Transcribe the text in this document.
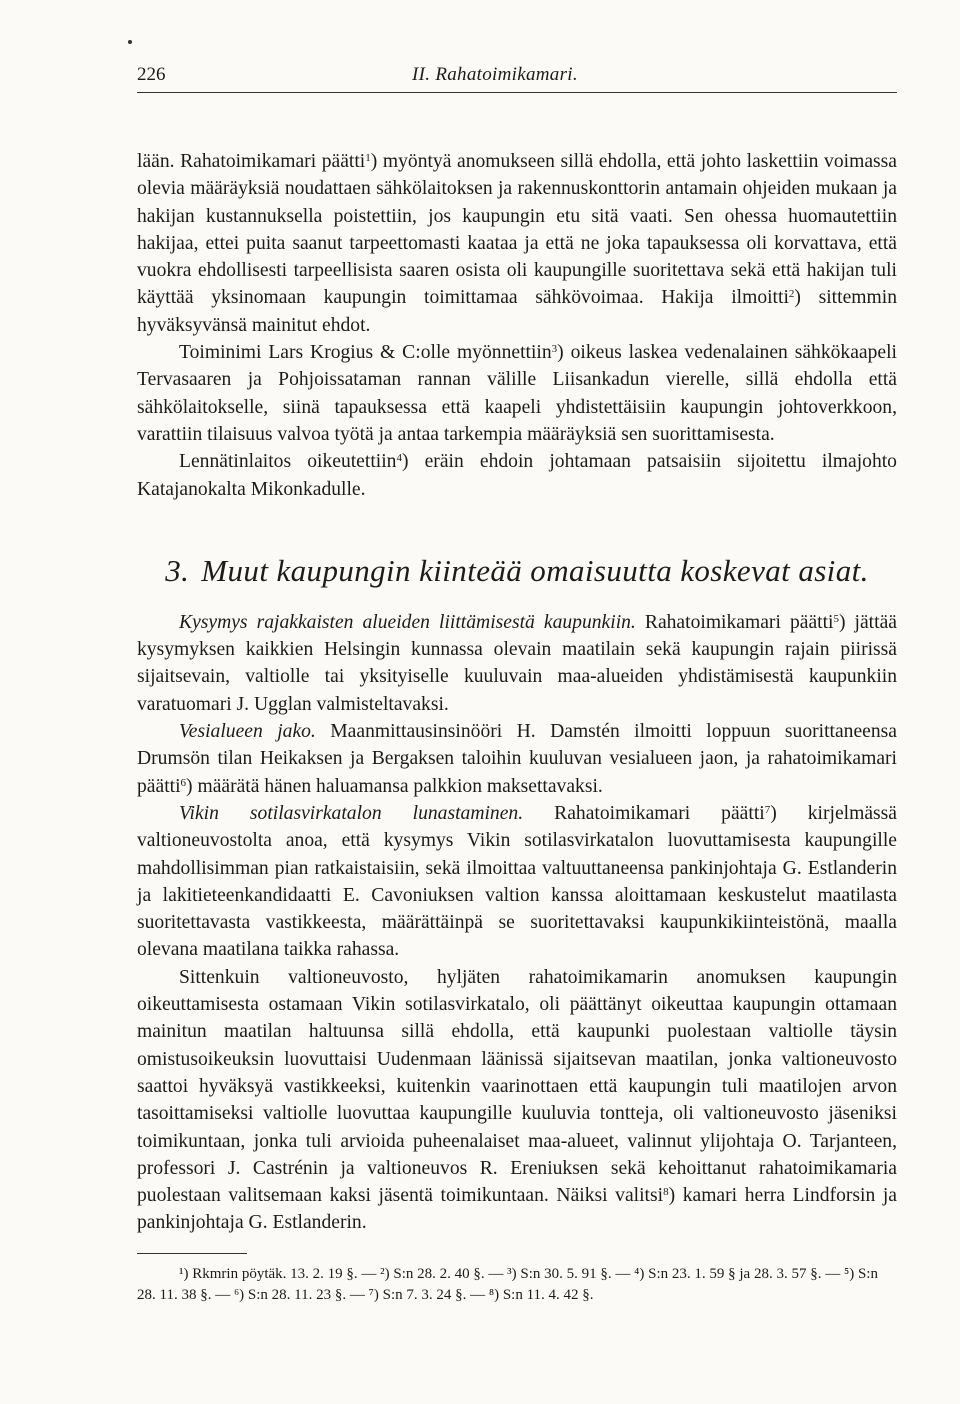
226	II. Rahatoimikamari.

lään. Rahatoimikamari päätti$^1$) myöntyä anomukseen sillä ehdolla, että johto laskettiin voimassa olevia määräyksiä noudattaen sähkölaitoksen ja rakennuskonttorin antamain ohjeiden mukaan ja hakijan kustannuksella poistettiin, jos kaupungin etu sitä vaati. Sen ohessa huomautettiin hakijaa, ettei puita saanut tarpeettomasti kaataa ja että ne joka tapauksessa oli korvattava, että vuokra ehdollisesti tarpeellisista saaren osista oli kaupungille suoritettava sekä että hakijan tuli käyttää yksinomaan kaupungin toimittamaa sähkövoimaa. Hakija ilmoitti$^2$) sittemmin hyväksyvänsä mainitut ehdot.

Toiminimi Lars Krogius & C:olle myönnettiin$^3$) oikeus laskea vedenalainen sähkökaapeli Tervasaaren ja Pohjoissataman rannan välille Liisankadun vierelle, sillä ehdolla että sähkölaitokselle, siinä tapauksessa että kaapeli yhdistettäisiin kaupungin johtoverkkoon, varattiin tilaisuus valvoa työtä ja antaa tarkempia määräyksiä sen suorittamisesta.

Lennätinlaitos oikeutettiin$^4$) eräin ehdoin johtamaan patsaisiin sijoitettu ilmajohto Katajanokalta Mikonkadulle.

3. Muut kaupungin kiinteää omaisuutta koskevat asiat.

Kysymys rajakkaisten alueiden liittämisestä kaupunkiin. Rahatoimikamari päätti$^5$) jättää kysymyksen kaikkien Helsingin kunnassa olevain maatilain sekä kaupungin rajain piirissä sijaitsevain, valtiolle tai yksityiselle kuuluvain maa-alueiden yhdistämisestä kaupunkiin varatuomari J. Ugglan valmisteltavaksi.

Vesialueen jako. Maanmittausinsinööri H. Damstén ilmoitti loppuun suorittaneensa Drumsön tilan Heikaksen ja Bergaksen taloihin kuuluvan vesialueen jaon, ja rahatoimikamari päätti$^6$) määrätä hänen haluamansa palkkion maksettavaksi.

Vikin sotilasvirkatalon lunastaminen. Rahatoimikamari päätti$^7$) kirjelmässä valtioneuvostolta anoa, että kysymys Vikin sotilasvirkatalon luovuttamisesta kaupungille mahdollisimman pian ratkaistaisiin, sekä ilmoittaa valtuuttaneensa pankinjohtaja G. Estlanderin ja lakitieteenkandidaatti E. Cavoniuksen valtion kanssa aloittamaan keskustelut maatilasta suoritettavasta vastikkeesta, määrättäinpä se suoritettavaksi kaupunkikiinteistönä, maalla olevana maatilana taikka rahassa.

Sittenkuin valtioneuvosto, hyljäten rahatoimikamarin anomuksen kaupungin oikeuttamisesta ostamaan Vikin sotilasvirkatalo, oli päättänyt oikeuttaa kaupungin ottamaan mainitun maatilan haltuunsa sillä ehdolla, että kaupunki puolestaan valtiolle täysin omistusoikeuksin luovuttaisi Uudenmaan läänissä sijaitsevan maatilan, jonka valtioneuvosto saattoi hyväksyä vastikkeeksi, kuitenkin vaarinottaen että kaupungin tuli maatilojen arvon tasoittamiseksi valtiolle luovuttaa kaupungille kuuluvia tontteja, oli valtioneuvosto jäseniksi toimikuntaan, jonka tuli arvioida puheenalaiset maa-alueet, valinnut ylijohtaja O. Tarjanteen, professori J. Castrénin ja valtioneuvos R. Ereniuksen sekä kehoittanut rahatoimikamaria puolestaan valitsemaan kaksi jäsentä toimikuntaan. Näiksi valitsi$^8$) kamari herra Lindforsin ja pankinjohtaja G. Estlanderin.

¹) Rkmrin pöytäk. 13. 2. 19 §. — ²) S:n 28. 2. 40 §. — ³) S:n 30. 5. 91 §. — ⁴) S:n 23. 1. 59 § ja 28. 3. 57 §. — ⁵) S:n 28. 11. 38 §. — ⁶) S:n 28. 11. 23 §. — ⁷) S:n 7. 3. 24 §. — ⁸) S:n 11. 4. 42 §.
